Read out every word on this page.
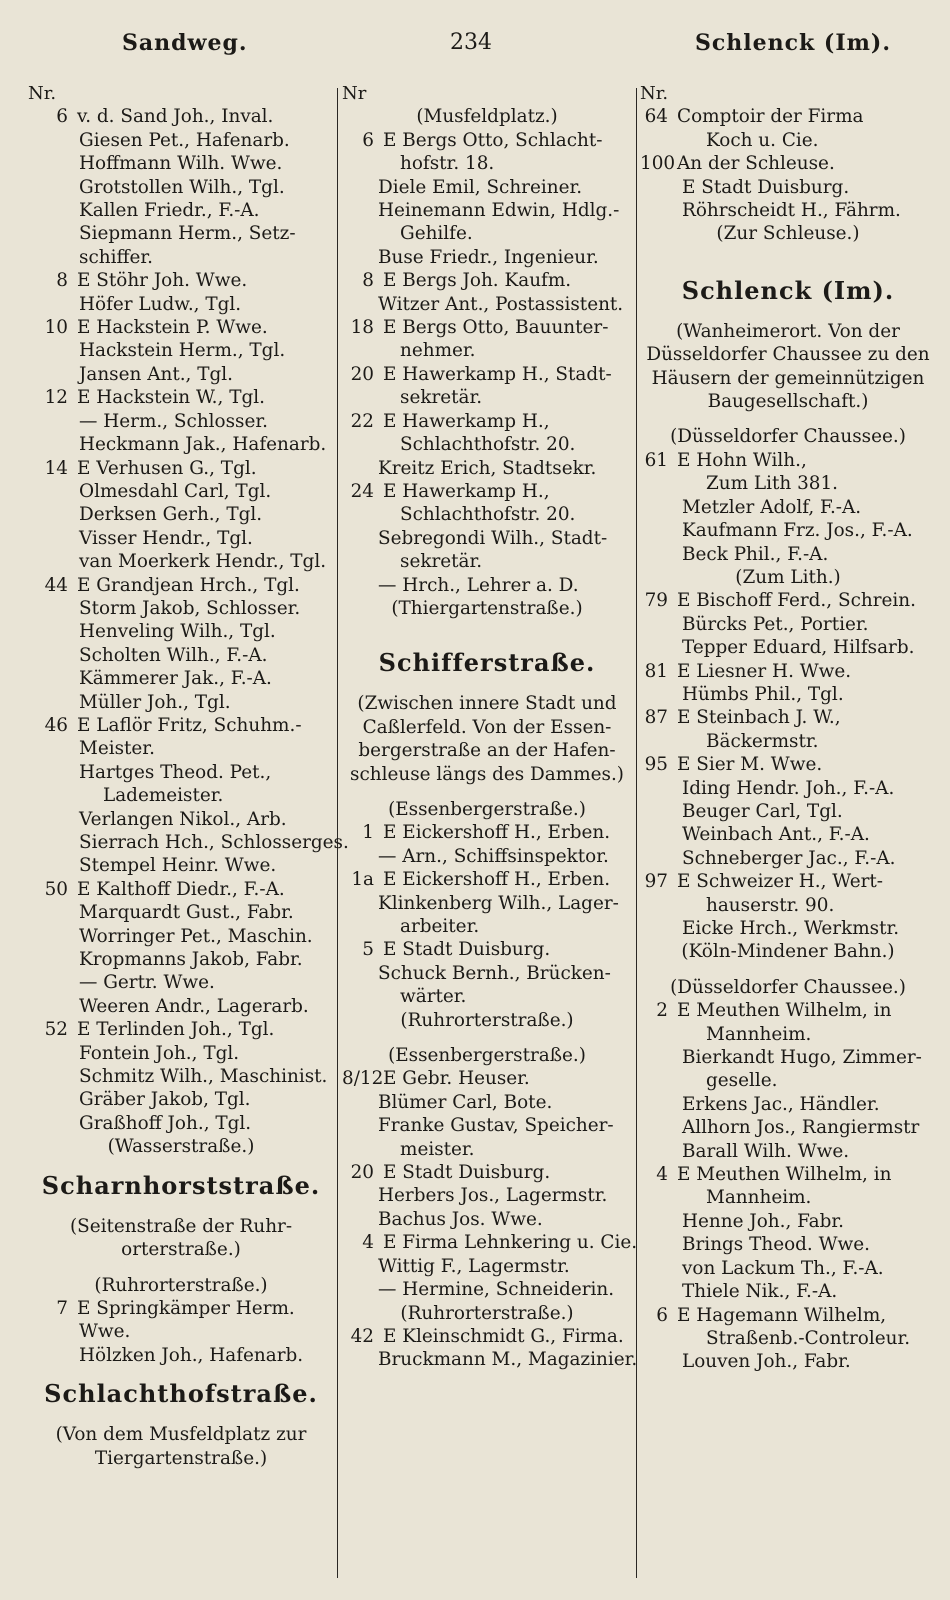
Sandweg.	234	Schlenck (Im).
Nr.
6 v. d. Sand Joh., Inval.
Giesen Pet., Hafenarb.
Hoffmann Wilh. Wwe.
Grotstollen Wilh., Tgl.
Kallen Friedr., F.-A.
Siepmann Herm., Setz-
schiffer.
8 E Stöhr Joh. Wwe.
Höfer Ludw., Tgl.
10 E Hackstein P. Wwe.
Hackstein Herm., Tgl.
Jansen Ant., Tgl.
12 E Hackstein W., Tgl.
— Herm., Schlosser.
Heckmann Jak., Hafenarb.
14 E Verhusen G., Tgl.
Olmesdahl Carl, Tgl.
Derksen Gerh., Tgl.
Visser Hendr., Tgl.
van Moerkerk Hendr., Tgl.
44 E Grandjean Hrch., Tgl.
Storm Jakob, Schlosser.
Henveling Wilh., Tgl.
Scholten Wilh., F.-A.
Kämmerer Jak., F.-A.
Müller Joh., Tgl.
46 E Laflör Fritz, Schuhm.-
Meister.
Hartges Theod. Pet.,
Lademeister.
Verlangen Nikol., Arb.
Sierrach Hch., Schlosserges.
Stempel Heinr. Wwe.
50 E Kalthoff Diedr., F.-A.
Marquardt Gust., Fabr.
Worringer Pet., Maschin.
Kropmanns Jakob, Fabr.
— Gertr. Wwe.
Weeren Andr., Lagerarb.
52 E Terlinden Joh., Tgl.
Fontein Joh., Tgl.
Schmitz Wilh., Maschinist.
Gräber Jakob, Tgl.
Graßhoff Joh., Tgl.
(Wasserstraße.)
Scharnhorststraße.
(Seitenstraße der Ruhr-
orterstraße.)
(Ruhrorterstraße.)
7 E Springkämper Herm.
Wwe.
Hölzken Joh., Hafenarb.
Schlachthofstraße.
(Von dem Musfeldplatz zur
Tiergartenstraße.)
Nr
(Musfeldplatz.)
6 E Bergs Otto, Schlacht-
hofstr. 18.
Diele Emil, Schreiner.
Heinemann Edwin, Hdlg.-
Gehilfe.
Buse Friedr., Ingenieur.
8 E Bergs Joh. Kaufm.
Witzer Ant., Postassistent.
18 E Bergs Otto, Bauunter-
nehmer.
20 E Hawerkamp H., Stadt-
sekretär.
22 E Hawerkamp H.,
Schlachthofstr. 20.
Kreitz Erich, Stadtsekr.
24 E Hawerkamp H.,
Schlachthofstr. 20.
Sebregondi Wilh., Stadt-
sekretär.
— Hrch., Lehrer a. D.
(Thiergartenstraße.)
Schifferstraße.
(Zwischen innere Stadt und
Caßlerfeld. Von der Essen-
bergerstraße an der Hafen-
schleuse längs des Dammes.)
(Essenbergerstraße.)
1 E Eickershoff H., Erben.
— Arn., Schiffsinspektor.
1a E Eickershoff H., Erben.
Klinkenberg Wilh., Lager-
arbeiter.
5 E Stadt Duisburg.
Schuck Bernh., Brücken-
wärter.
(Ruhrorterstraße.)
(Essenbergerstraße.)
8/12E Gebr. Heuser.
Blümer Carl, Bote.
Franke Gustav, Speicher-
meister.
20 E Stadt Duisburg.
Herbers Jos., Lagermstr.
Bachus Jos. Wwe.
4 E Firma Lehnkering u. Cie.
Wittig F., Lagermstr.
— Hermine, Schneiderin.
(Ruhrorterstraße.)
42 E Kleinschmidt G., Firma.
Bruckmann M., Magazinier.
Nr.
64 Comptoir der Firma
Koch u. Cie.
100 An der Schleuse.
E Stadt Duisburg.
Röhrscheidt H., Fährm.
(Zur Schleuse.)
Schlenck (Im).
(Wanheimerort. Von der
Düsseldorfer Chaussee zu den
Häusern der gemeinnützigen
Baugesellschaft.)
(Düsseldorfer Chaussee.)
61 E Hohn Wilh.,
Zum Lith 381.
Metzler Adolf, F.-A.
Kaufmann Frz. Jos., F.-A.
Beck Phil., F.-A.
(Zum Lith.)
79 E Bischoff Ferd., Schrein.
Bürcks Pet., Portier.
Tepper Eduard, Hilfsarb.
81 E Liesner H. Wwe.
Hümbs Phil., Tgl.
87 E Steinbach J. W.,
Bäckermstr.
95 E Sier M. Wwe.
Iding Hendr. Joh., F.-A.
Beuger Carl, Tgl.
Weinbach Ant., F.-A.
Schneberger Jac., F.-A.
97 E Schweizer H., Wert-
hauserstr. 90.
Eicke Hrch., Werkmstr.
(Köln-Mindener Bahn.)
(Düsseldorfer Chaussee.)
2 E Meuthen Wilhelm, in
Mannheim.
Bierkandt Hugo, Zimmer-
geselle.
Erkens Jac., Händler.
Allhorn Jos., Rangiermstr
Barall Wilh. Wwe.
4 E Meuthen Wilhelm, in
Mannheim.
Henne Joh., Fabr.
Brings Theod. Wwe.
von Lackum Th., F.-A.
Thiele Nik., F.-A.
6 E Hagemann Wilhelm,
Straßenb.-Controleur.
Louven Joh., Fabr.
